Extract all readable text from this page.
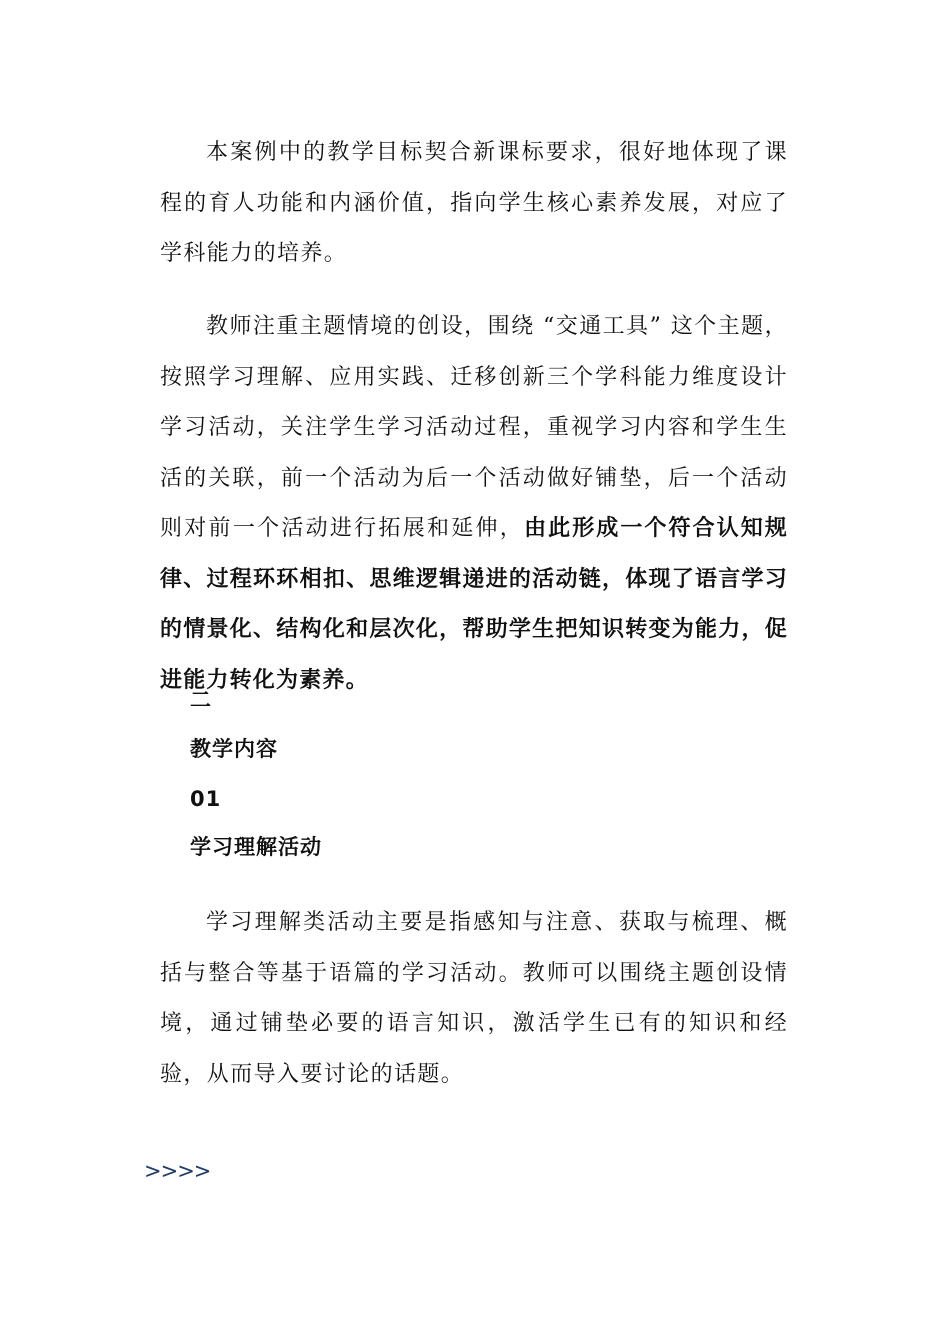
本案例中的教学目标契合新课标要求，很好地体现了课程的育人功能和内涵价值，指向学生核心素养发展，对应了学科能力的培养。

教师注重主题情境的创设，围绕 “交通工具” 这个主题，按照学习理解、应用实践、迁移创新三个学科能力维度设计学习活动，关注学生学习活动过程，重视学习内容和学生生活的关联，前一个活动为后一个活动做好铺垫，后一个活动则对前一个活动进行拓展和延伸，由此形成一个符合认知规律、过程环环相扣、思维逻辑递进的活动链，体现了语言学习的情景化、结构化和层次化，帮助学生把知识转变为能力，促进能力转化为素养。

二
教学内容
01
学习理解活动

学习理解类活动主要是指感知与注意、获取与梳理、概括与整合等基于语篇的学习活动。教师可以围绕主题创设情境，通过铺垫必要的语言知识，激活学生已有的知识和经验，从而导入要讨论的话题。

>>>>
